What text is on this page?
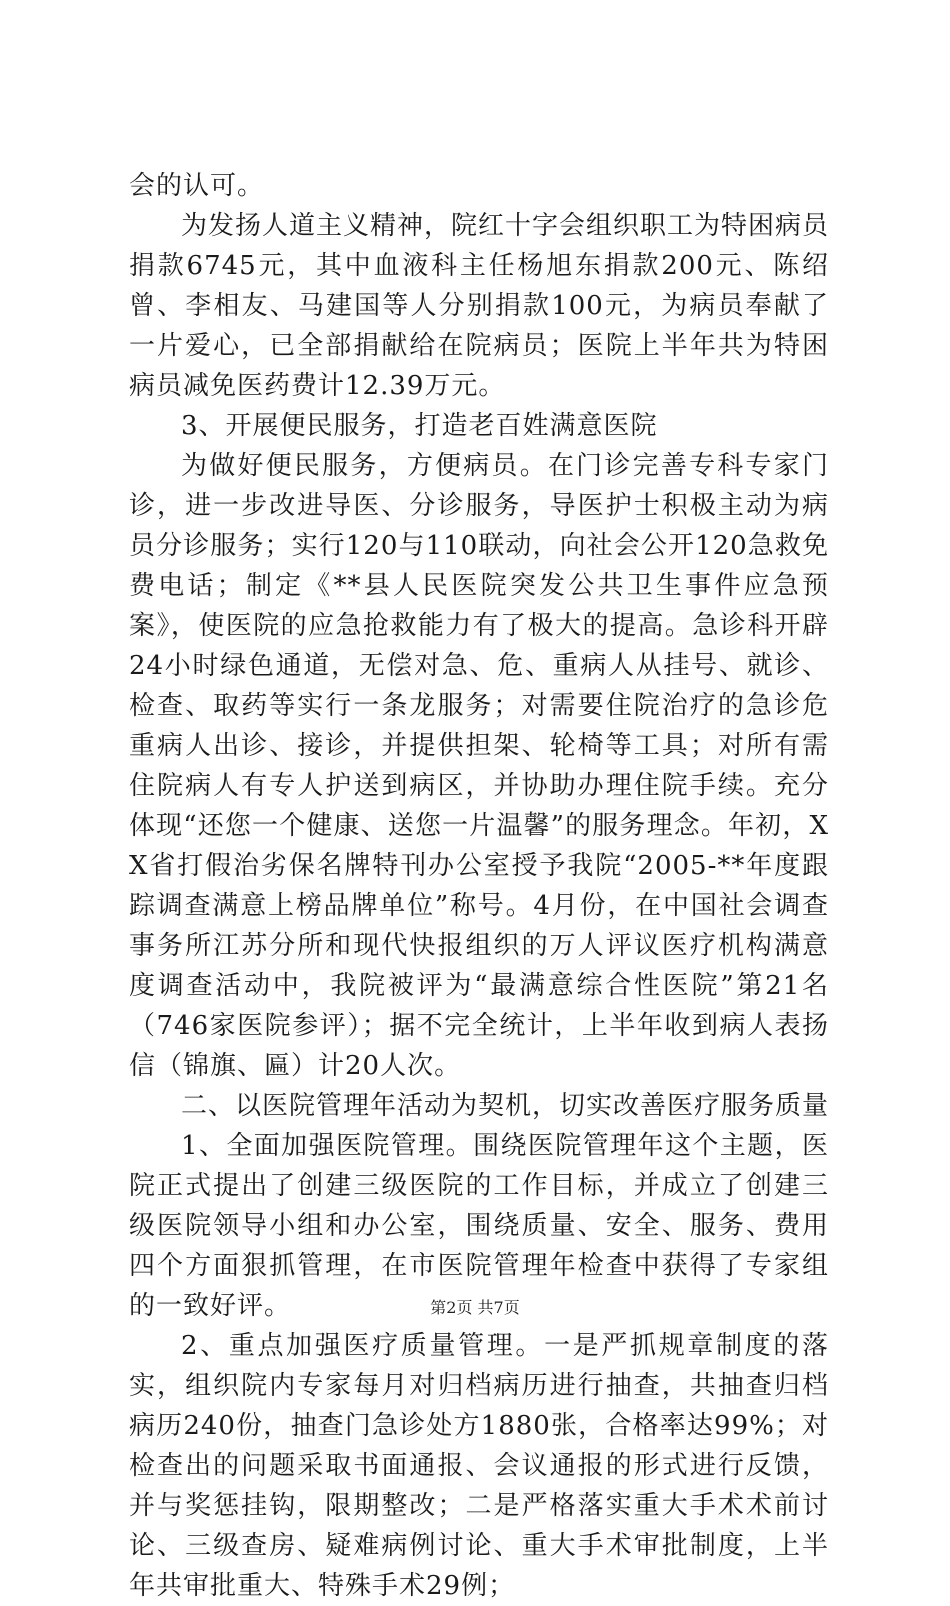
会的认可。

为发扬人道主义精神，院红十字会组织职工为特困病员捐款6745元，其中血液科主任杨旭东捐款200元、陈绍曾、李相友、马建国等人分别捐款100元，为病员奉献了一片爱心，已全部捐献给在院病员；医院上半年共为特困病员减免医药费计12.39万元。

3、开展便民服务，打造老百姓满意医院

为做好便民服务，方便病员。在门诊完善专科专家门诊，进一步改进导医、分诊服务，导医护士积极主动为病员分诊服务；实行120与110联动，向社会公开120急救免费电话；制定《**县人民医院突发公共卫生事件应急预案》，使医院的应急抢救能力有了极大的提高。急诊科开辟24小时绿色通道，无偿对急、危、重病人从挂号、就诊、检查、取药等实行一条龙服务；对需要住院治疗的急诊危重病人出诊、接诊，并提供担架、轮椅等工具；对所有需住院病人有专人护送到病区，并协助办理住院手续。充分体现“还您一个健康、送您一片温馨”的服务理念。年初，XX省打假治劣保名牌特刊办公室授予我院“2005-**年度跟踪调查满意上榜品牌单位”称号。4月份，在中国社会调查事务所江苏分所和现代快报组织的万人评议医疗机构满意度调查活动中，我院被评为“最满意综合性医院”第21名（746家医院参评）；据不完全统计，上半年收到病人表扬信（锦旗、匾）计20人次。

二、以医院管理年活动为契机，切实改善医疗服务质量

1、全面加强医院管理。围绕医院管理年这个主题，医院正式提出了创建三级医院的工作目标，并成立了创建三级医院领导小组和办公室，围绕质量、安全、服务、费用四个方面狠抓管理，在市医院管理年检查中获得了专家组的一致好评。

2、重点加强医疗质量管理。一是严抓规章制度的落实，组织院内专家每月对归档病历进行抽查，共抽查归档病历240份，抽查门急诊处方1880张，合格率达99%；对检查出的问题采取书面通报、会议通报的形式进行反馈，并与奖惩挂钩，限期整改；二是严格落实重大手术术前讨论、三级查房、疑难病例讨论、重大手术审批制度，上半年共审批重大、特殊手术29例；

第2页 共7页
